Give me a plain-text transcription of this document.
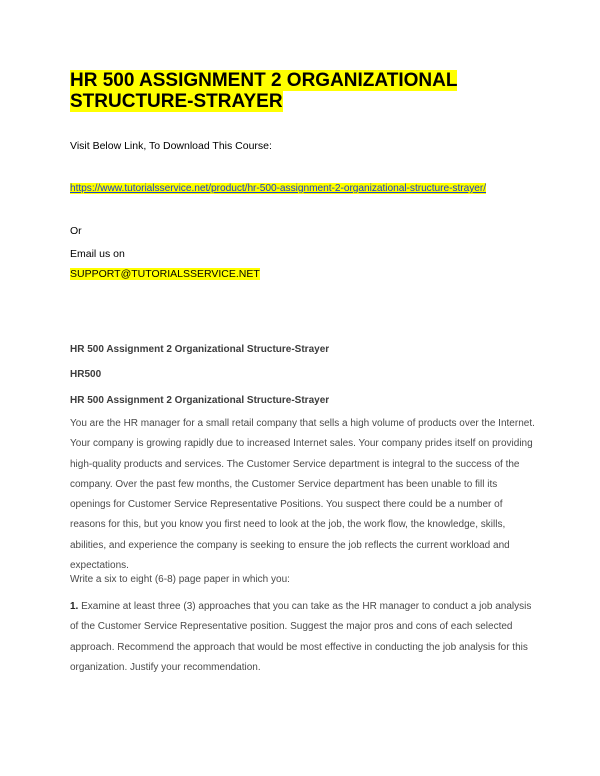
HR 500 ASSIGNMENT 2 ORGANIZATIONAL STRUCTURE-STRAYER
Visit Below Link, To Download This Course:
https://www.tutorialsservice.net/product/hr-500-assignment-2-organizational-structure-strayer/
Or
Email us on
SUPPORT@TUTORIALSSERVICE.NET

HR 500 Assignment 2 Organizational Structure-Strayer

HR500

HR 500 Assignment 2 Organizational Structure-Strayer

You are the HR manager for a small retail company that sells a high volume of products over the Internet. Your company is growing rapidly due to increased Internet sales. Your company prides itself on providing high-quality products and services. The Customer Service department is integral to the success of the company. Over the past few months, the Customer Service department has been unable to fill its openings for Customer Service Representative Positions. You suspect there could be a number of reasons for this, but you know you first need to look at the job, the work flow, the knowledge, skills, abilities, and experience the company is seeking to ensure the job reflects the current workload and expectations.

Write a six to eight (6-8) page paper in which you:

1. Examine at least three (3) approaches that you can take as the HR manager to conduct a job analysis of the Customer Service Representative position. Suggest the major pros and cons of each selected approach. Recommend the approach that would be most effective in conducting the job analysis for this organization. Justify your recommendation.
